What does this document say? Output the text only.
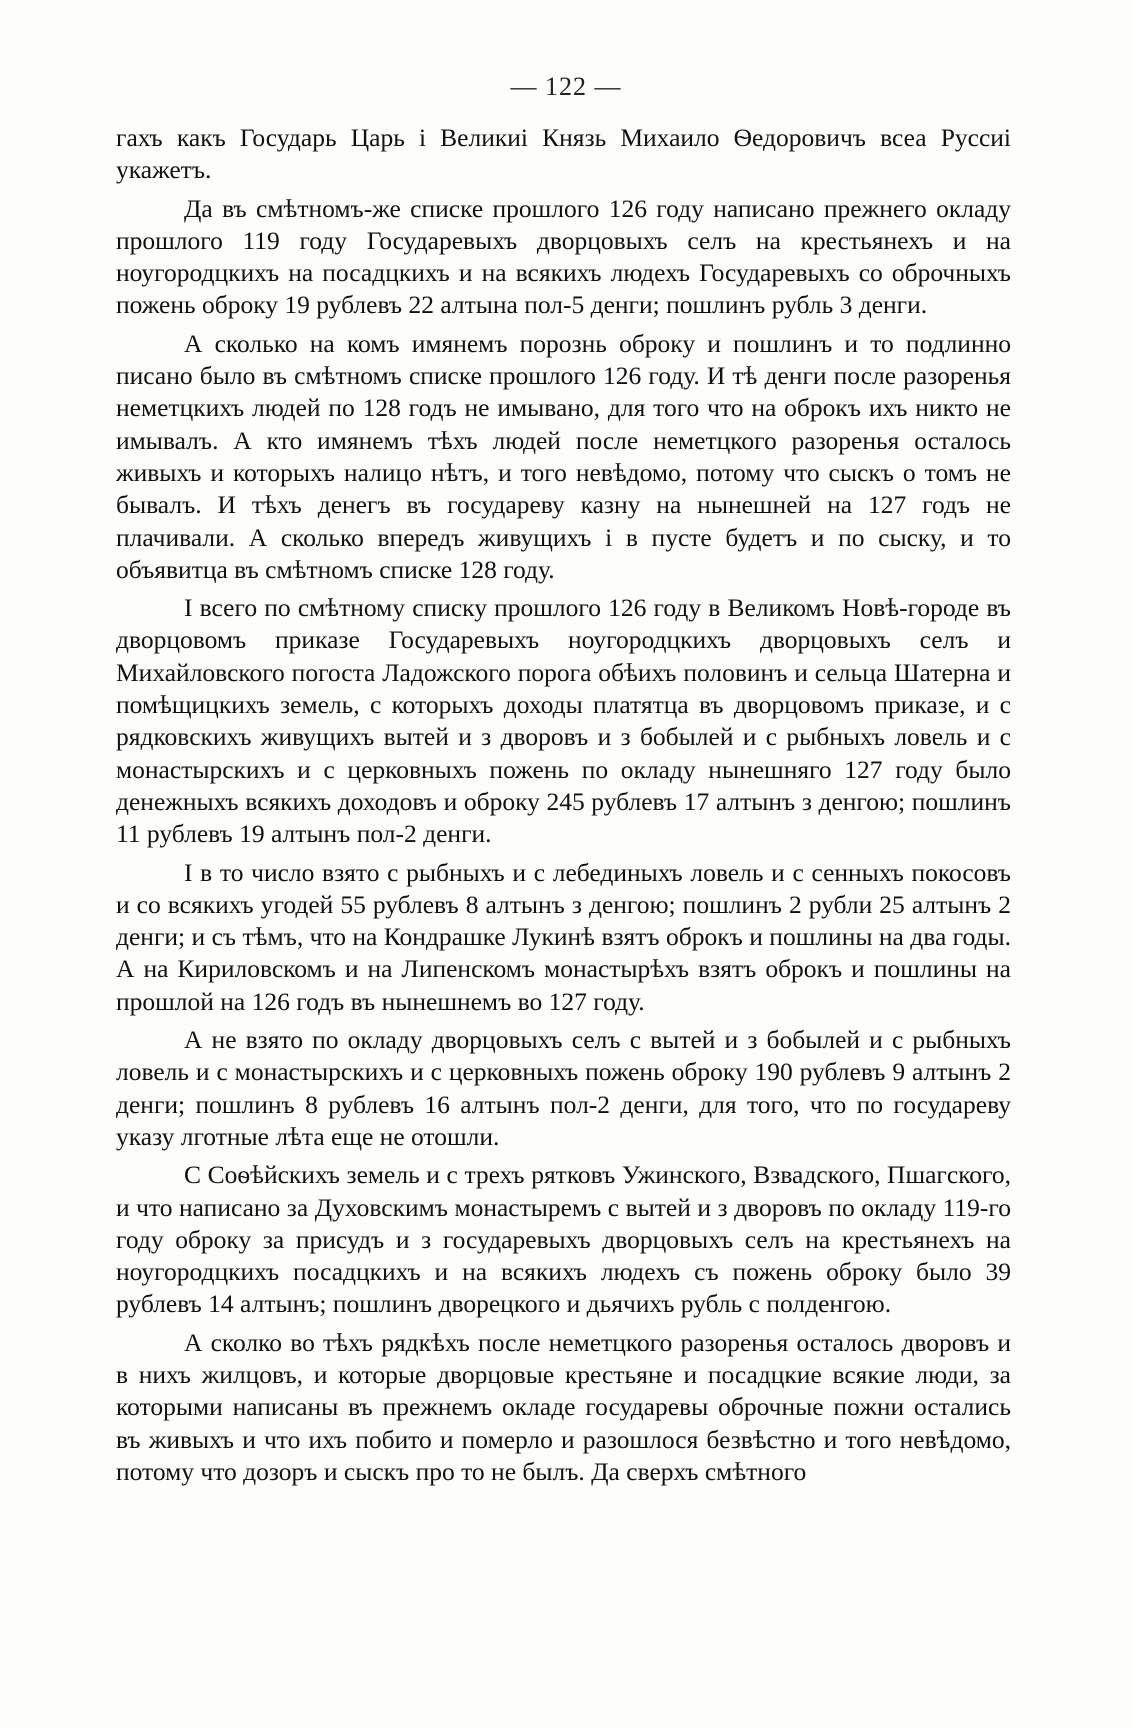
— 122 —

гахъ какъ Государь Царь і Великиі Князь Михаило Ѳедоровичъ всеа Руссиі укажетъ.

Да въ смѣтномъ-же списке прошлого 126 году написано прежнего окладу прошлого 119 году Государевыхъ дворцовыхъ селъ на крестьянехъ и на ноугородцкихъ на посадцкихъ и на всякихъ людехъ Государевыхъ со оброчныхъ пожень оброку 19 рублевъ 22 алтына пол-5 денги; пошлинъ рубль 3 денги.

А сколько на комъ имянемъ порознь оброку и пошлинъ и то подлинно писано было въ смѣтномъ списке прошлого 126 году. И тѣ денги после разоренья неметцкихъ людей по 128 годъ не имывано, для того что на оброкъ ихъ никто не имывалъ. А кто имянемъ тѣхъ людей после неметцкого разоренья осталось живыхъ и которыхъ налицо нѣтъ, и того невѣдомо, потому что сыскъ о томъ не бывалъ. И тѣхъ денегъ въ государеву казну на нынешней на 127 годъ не плачивали. А сколько впередъ живущихъ і в пусте будетъ и по сыску, и то объявитца въ смѣтномъ списке 128 году.

І всего по смѣтному списку прошлого 126 году в Великомъ Новѣ-городе въ дворцовомъ приказе Государевыхъ ноугородцкихъ дворцовыхъ селъ и Михайловского погоста Ладожского порога обѣихъ половинъ и сельца Шатерна и помѣщицкихъ земель, с которыхъ доходы платятца въ дворцовомъ приказе, и с рядковскихъ живущихъ вытей и з дворовъ и з бобылей и с рыбныхъ ловель и с монастырскихъ и с церковныхъ пожень по окладу нынешняго 127 году было денежныхъ всякихъ доходовъ и оброку 245 рублевъ 17 алтынъ з денгою; пошлинъ 11 рублевъ 19 алтынъ пол-2 денги.

І в то число взято с рыбныхъ и с лебединыхъ ловель и с сенныхъ покосовъ и со всякихъ угодей 55 рублевъ 8 алтынъ з денгою; пошлинъ 2 рубли 25 алтынъ 2 денги; и съ тѣмъ, что на Кондрашке Лукинѣ взятъ оброкъ и пошлины на два годы. А на Кириловскомъ и на Липенскомъ монастырѣхъ взятъ оброкъ и пошлины на прошлой на 126 годъ въ нынешнемъ во 127 году.

А не взято по окладу дворцовыхъ селъ с вытей и з бобылей и с рыбныхъ ловель и с монастырскихъ и с церковныхъ пожень оброку 190 рублевъ 9 алтынъ 2 денги; пошлинъ 8 рублевъ 16 алтынъ пол-2 денги, для того, что по государеву указу лготные лѣта еще не отошли.

С Соѳѣйскихъ земель и с трехъ рятковъ Ужинского, Взвадского, Пшагского, и что написано за Духовскимъ монастыремъ с вытей и з дворовъ по окладу 119-го году оброку за присудъ и з государевыхъ дворцовыхъ селъ на крестьянехъ на ноугородцкихъ посадцкихъ и на всякихъ людехъ съ пожень оброку было 39 рублевъ 14 алтынъ; пошлинъ дворецкого и дьячихъ рубль с полденгою.

А сколко во тѣхъ рядкѣхъ после неметцкого разоренья осталось дворовъ и в нихъ жилцовъ, и которые дворцовые крестьяне и посадцкие всякие люди, за которыми написаны въ прежнемъ окладе государевы оброчные пожни остались въ живыхъ и что ихъ побито и померло и разошлося безвѣстно и того невѣдомо, потому что дозоръ и сыскъ про то не былъ. Да сверхъ смѣтного
